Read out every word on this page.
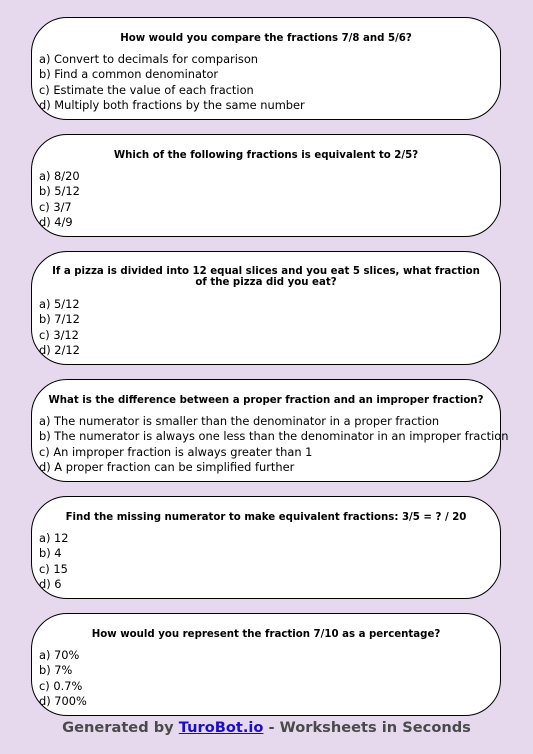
How would you compare the fractions 7/8 and 5/6?
a) Convert to decimals for comparison
b) Find a common denominator
c) Estimate the value of each fraction
d) Multiply both fractions by the same number
Which of the following fractions is equivalent to 2/5?
a) 8/20
b) 5/12
c) 3/7
d) 4/9
If a pizza is divided into 12 equal slices and you eat 5 slices, what fraction of the pizza did you eat?
a) 5/12
b) 7/12
c) 3/12
d) 2/12
What is the difference between a proper fraction and an improper fraction?
a) The numerator is smaller than the denominator in a proper fraction
b) The numerator is always one less than the denominator in an improper fraction
c) An improper fraction is always greater than 1
d) A proper fraction can be simplified further
Find the missing numerator to make equivalent fractions: 3/5 = ? / 20
a) 12
b) 4
c) 15
d) 6
How would you represent the fraction 7/10 as a percentage?
a) 70%
b) 7%
c) 0.7%
d) 700%
Generated by TuroBot.io - Worksheets in Seconds
